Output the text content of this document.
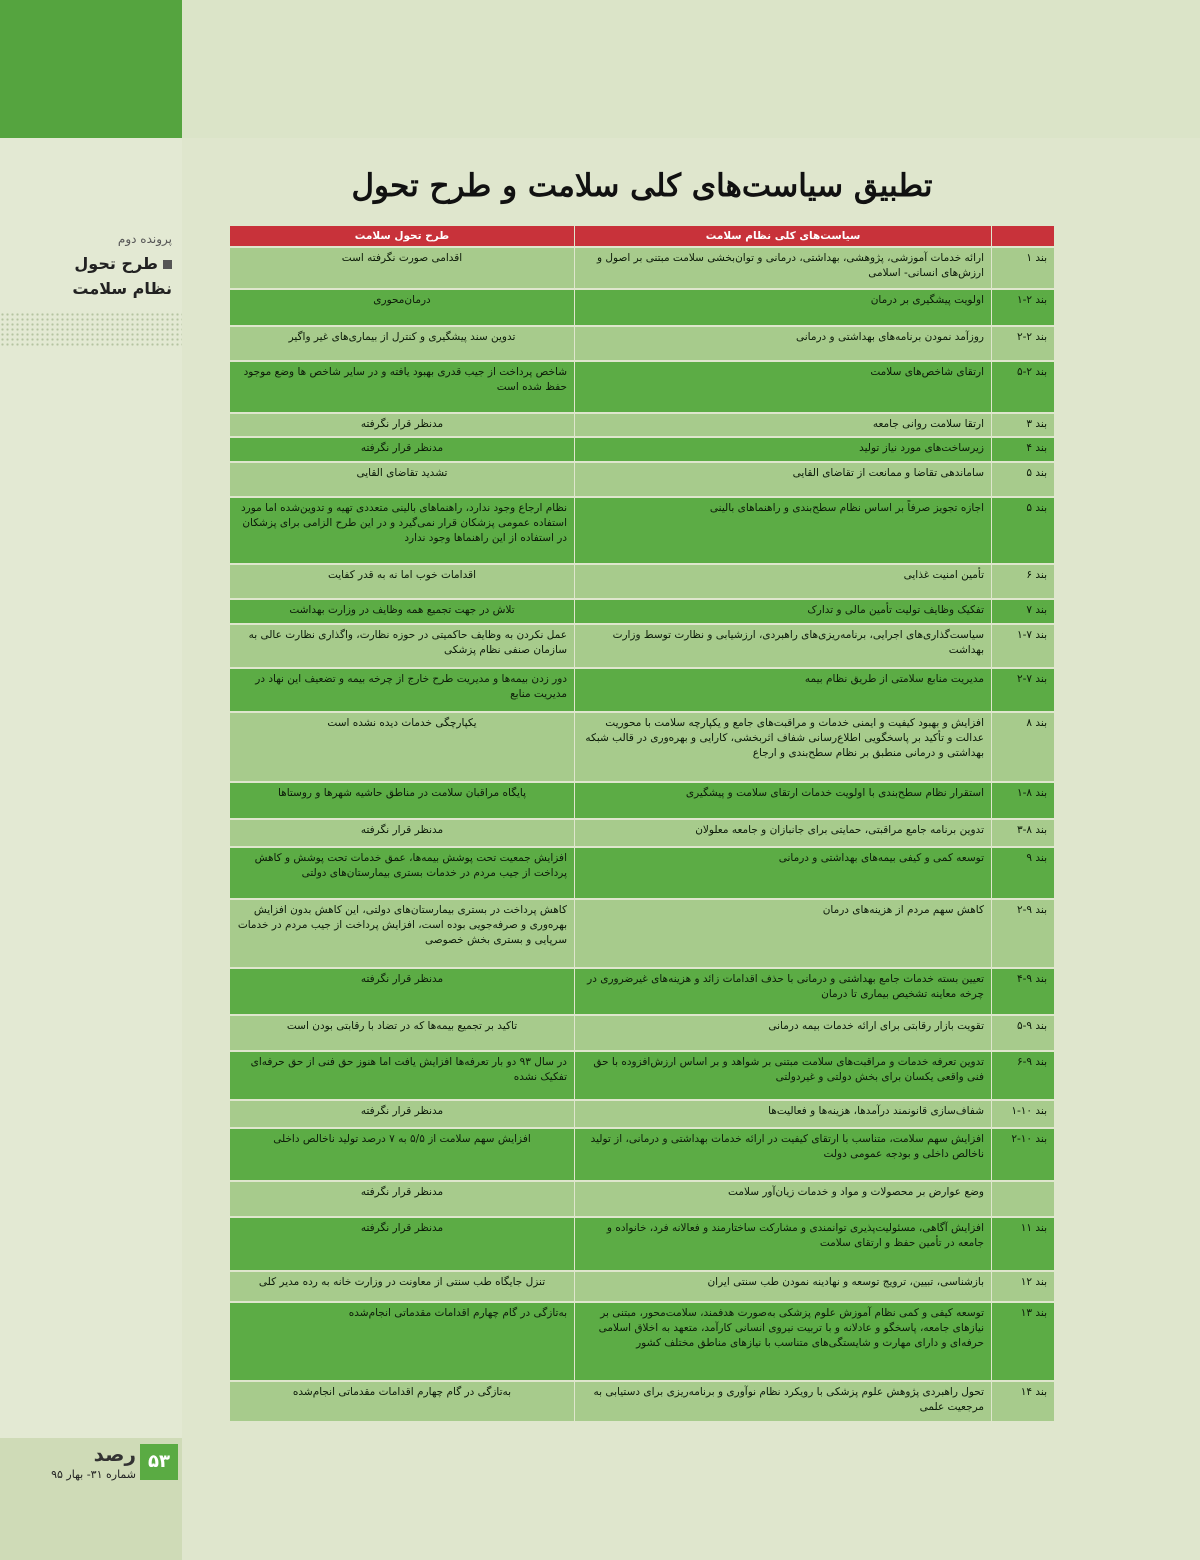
پرونده دوم
طرح تحول
نظام سلامت
تطبیق سیاست‌های کلی سلامت و طرح تحول
سیاست‌های کلی نظام سلامت
طرح تحول سلامت
بند ۱
ارائه خدمات آموزشی، پژوهشی، بهداشتی، درمانی و توان‌بخشی سلامت مبتنی بر اصول و ارزش‌های انسانی- اسلامی
اقدامی صورت نگرفته است
بند ۲-۱
اولویت پیشگیری بر درمان
درمان‌محوری
بند ۲-۲
روزآمد نمودن برنامه‌های بهداشتی و درمانی
تدوین سند پیشگیری و کنترل از بیماری‌های غیر واگیر
بند ۲-۵
ارتقای شاخص‌های سلامت
شاخص پرداخت از جیب قدری بهبود یافته و در سایر شاخص ها وضع موجود حفظ شده است
بند ۳
ارتقا سلامت روانی جامعه
مدنظر قرار نگرفته
بند ۴
زیرساخت‌های مورد نیاز تولید
مدنظر قرار نگرفته
بند ۵
ساماندهی تقاضا و ممانعت از تقاضای القایی
تشدید تقاضای القایی
بند ۵
اجازه تجویز صرفاً بر اساس نظام سطح‌بندی و راهنماهای بالینی
نظام ارجاع وجود ندارد، راهنماهای بالینی متعددی تهیه و تدوین‌شده اما مورد استفاده عمومی پزشکان قرار نمی‌گیرد و در این طرح الزامی برای پزشکان در استفاده از این راهنماها وجود ندارد
بند ۶
تأمین امنیت غذایی
اقدامات خوب اما نه به قدر کفایت
بند ۷
تفکیک وظایف تولیت تأمین مالی و تدارک
تلاش در جهت تجمیع همه وظایف در وزارت بهداشت
بند ۷-۱
سیاست‌گذاری‌های اجرایی، برنامه‌ریزی‌های راهبردی، ارزشیابی و نظارت توسط وزارت بهداشت
عمل نکردن به وظایف حاکمیتی در حوزه نظارت، واگذاری نظارت عالی به سازمان صنفی نظام پزشکی
بند ۷-۲
مدیریت منابع سلامتی از طریق نظام بیمه
دور زدن بیمه‌ها و مدیریت طرح خارج از چرخه بیمه و تضعیف این نهاد در مدیریت منابع
بند ۸
افزایش و بهبود کیفیت و ایمنی خدمات و مراقبت‌های جامع و یکپارچه سلامت با محوریت عدالت و تأکید بر پاسخگویی اطلاع‌رسانی شفاف اثربخشی، کارایی و بهره‌وری در قالب شبکه بهداشتی و درمانی منطبق بر نظام سطح‌بندی و ارجاع
یکپارچگی خدمات دیده نشده است
بند ۸-۱
استقرار نظام سطح‌بندی با اولویت خدمات ارتقای سلامت و پیشگیری
پایگاه مراقبان سلامت در مناطق حاشیه شهرها و روستاها
بند ۸-۳
تدوین برنامه جامع مراقبتی، حمایتی برای جانبازان و جامعه معلولان
مدنظر قرار نگرفته
بند ۹
توسعه کمی و کیفی بیمه‌های بهداشتی و درمانی
افزایش جمعیت تحت پوشش بیمه‌ها، عمق خدمات تحت پوشش و کاهش پرداخت از جیب مردم در خدمات بستری بیمارستان‌های دولتی
بند ۹-۲
کاهش سهم مردم از هزینه‌های درمان
کاهش پرداخت در بستری بیمارستان‌های دولتی، این کاهش بدون افزایش بهره‌وری و صرفه‌جویی بوده است، افزایش پرداخت از جیب مردم در خدمات سرپایی و بستری بخش خصوصی
بند ۹-۴
تعیین بسته خدمات جامع بهداشتی و درمانی با حذف اقدامات زائد و هزینه‌های غیرضروری در چرخه معاینه تشخیص بیماری تا درمان
مدنظر قرار نگرفته
بند ۹-۵
تقویت بازار رقابتی برای ارائه خدمات بیمه درمانی
تاکید بر تجمیع بیمه‌ها که در تضاد با رقابتی بودن است
بند ۹-۶
تدوین تعرفه خدمات و مراقبت‌های سلامت مبتنی بر شواهد و بر اساس ارزش‌افزوده با حق فنی واقعی یکسان برای بخش دولتی و غیردولتی
در سال ۹۳ دو بار تعرفه‌ها افزایش یافت اما هنوز حق فنی از حق حرفه‌ای تفکیک نشده
بند ۱۰-۱
شفاف‌سازی قانونمند درآمدها، هزینه‌ها و فعالیت‌ها
مدنظر قرار نگرفته
بند ۱۰-۲
افزایش سهم سلامت، متناسب با ارتقای کیفیت در ارائه خدمات بهداشتی و درمانی، از تولید ناخالص داخلی و بودجه عمومی دولت
افزایش سهم سلامت از ۵/۵ به ۷ درصد تولید ناخالص داخلی
وضع عوارض بر محصولات و مواد و خدمات زیان‌آور سلامت
مدنظر قرار نگرفته
بند ۱۱
افزایش آگاهی، مسئولیت‌پذیری توانمندی و مشارکت ساختارمند و فعالانه فرد، خانواده و جامعه در تأمین حفظ و ارتقای سلامت
مدنظر قرار نگرفته
بند ۱۲
بازشناسی، تبیین، ترویج توسعه و نهادینه نمودن طب سنتی ایران
تنزل جایگاه طب سنتی از معاونت در وزارت خانه به رده مدیر کلی
بند ۱۳
توسعه کیفی و کمی نظام آموزش علوم پزشکی به‌صورت هدفمند، سلامت‌محور، مبتنی بر نیازهای جامعه، پاسخگو و عادلانه و با تربیت نیروی انسانی کارآمد، متعهد به اخلاق اسلامی حرفه‌ای و دارای مهارت و شایستگی‌های متناسب با نیازهای مناطق مختلف کشور
به‌تازگی در گام چهارم اقدامات مقدماتی انجام‌شده
بند ۱۴
تحول راهبردی پژوهش علوم پزشکی با رویکرد نظام نوآوری و برنامه‌ریزی برای دستیابی به مرجعیت علمی
به‌تازگی در گام چهارم اقدامات مقدماتی انجام‌شده
۵۳
رصد
شماره ۳۱- بهار ۹۵
